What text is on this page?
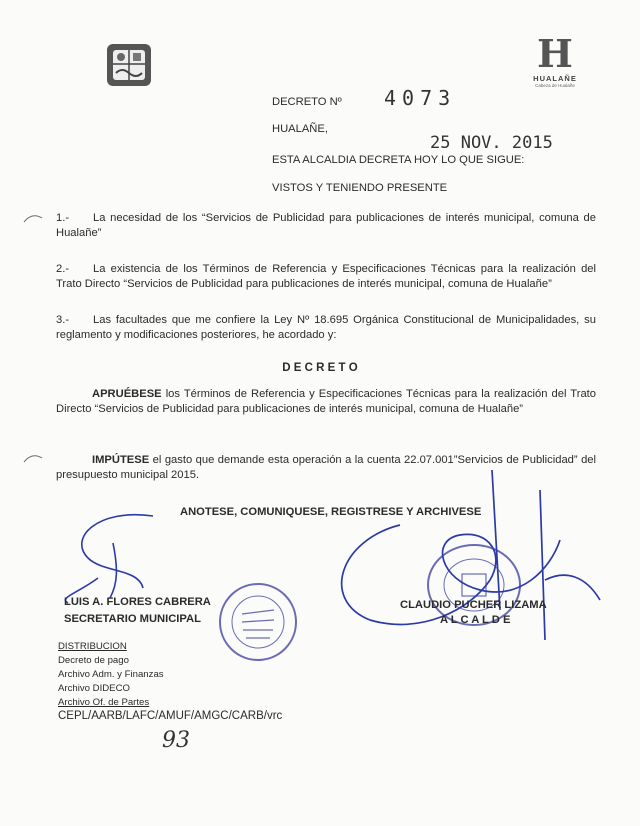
H
HUALAÑE
Cabeza de Hualañe
DECRETO Nº 4073
HUALAÑE,
25 NOV. 2015
ESTA ALCALDIA DECRETA HOY LO QUE SIGUE:
VISTOS Y TENIENDO PRESENTE
1.- La necesidad de los “Servicios de Publicidad para publicaciones de interés municipal, comuna de Hualañe”
2.- La existencia de los Términos de Referencia y Especificaciones Técnicas para la realización del Trato Directo “Servicios de Publicidad para publicaciones de interés municipal, comuna de Hualañe”
3.- Las facultades que me confiere la Ley Nº 18.695 Orgánica Constitucional de Municipalidades, su reglamento y modificaciones posteriores, he acordado y:
D E C R E T O
APRUÉBESE los Términos de Referencia y Especificaciones Técnicas para la realización del Trato Directo “Servicios de Publicidad para publicaciones de interés municipal, comuna de Hualañe”
IMPÚTESE el gasto que demande esta operación a la cuenta 22.07.001”Servicios de Publicidad” del presupuesto municipal 2015.
ANOTESE, COMUNIQUESE, REGISTRESE Y ARCHIVESE
LUIS A. FLORES CABRERA
SECRETARIO MUNICIPAL
CLAUDIO PUCHER LIZAMA
A L C A L D E
DISTRIBUCION
Decreto de pago
Archivo Adm. y Finanzas
Archivo DIDECO
Archivo Of. de Partes
CEPL/AARB/LAFC/AMUF/AMGC/CARB/vrc
93
